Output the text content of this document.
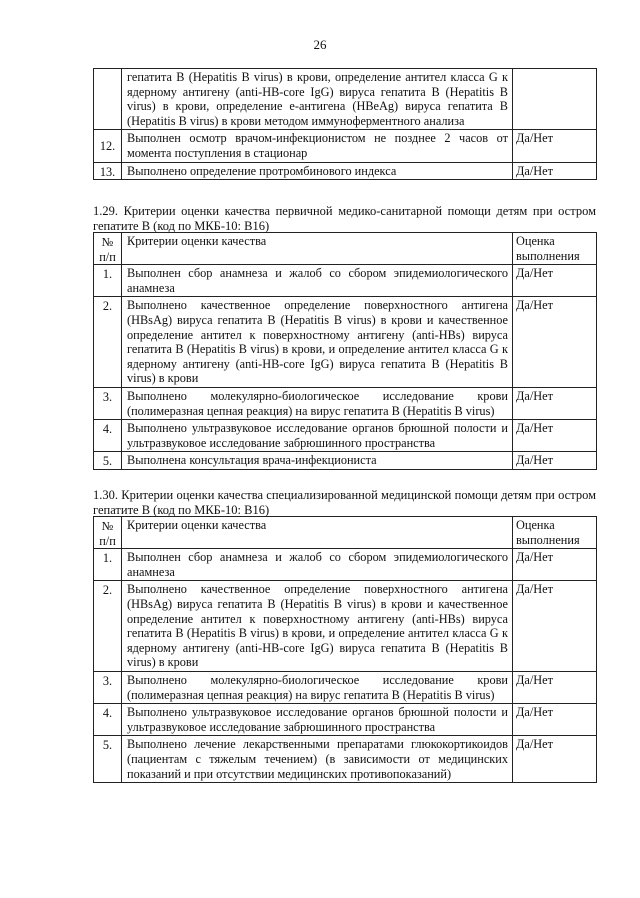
26
	гепатита В (Hepatitis B virus) в крови, определение антител класса G к ядерному антигену (anti-HB-core IgG) вируса гепатита B (Hepatitis B virus) в крови, определение e-антигена (HBeAg) вируса гепатита B (Hepatitis B virus) в крови методом иммуноферментного анализа	
12.	Выполнен осмотр врачом-инфекционистом не позднее 2 часов от момента поступления в стационар	Да/Нет
13.	Выполнено определение протромбинового индекса	Да/Нет
1.29. Критерии оценки качества первичной медико-санитарной помощи детям при остром гепатите В (код по МКБ-10: В16)
№ п/п	Критерии оценки качества	Оценка выполнения
1.	Выполнен сбор анамнеза и жалоб со сбором эпидемиологического анамнеза	Да/Нет
2.	Выполнено качественное определение поверхностного антигена (HBsAg) вируса гепатита B (Hepatitis B virus) в крови и качественное определение антител к поверхностному антигену (anti-HBs) вируса гепатита B (Hepatitis B virus) в крови, и определение антител класса G к ядерному антигену (anti-HB-core IgG) вируса гепатита B (Hepatitis B virus) в крови	Да/Нет
3.	Выполнено молекулярно-биологическое исследование крови (полимеразная цепная реакция) на вирус гепатита B (Hepatitis B virus)	Да/Нет
4.	Выполнено ультразвуковое исследование органов брюшной полости и ультразвуковое исследование забрюшинного пространства	Да/Нет
5.	Выполнена консультация врача-инфекциониста	Да/Нет
1.30. Критерии оценки качества специализированной медицинской помощи детям при остром гепатите В (код по МКБ-10: В16)
№ п/п	Критерии оценки качества	Оценка выполнения
1.	Выполнен сбор анамнеза и жалоб со сбором эпидемиологического анамнеза	Да/Нет
2.	Выполнено качественное определение поверхностного антигена (HBsAg) вируса гепатита B (Hepatitis B virus) в крови и качественное определение антител к поверхностному антигену (anti-HBs) вируса гепатита B (Hepatitis B virus) в крови, и определение антител класса G к ядерному антигену (anti-HB-core IgG) вируса гепатита B (Hepatitis B virus) в крови	Да/Нет
3.	Выполнено молекулярно-биологическое исследование крови (полимеразная цепная реакция) на вирус гепатита B (Hepatitis B virus)	Да/Нет
4.	Выполнено ультразвуковое исследование органов брюшной полости и ультразвуковое исследование забрюшинного пространства	Да/Нет
5.	Выполнено лечение лекарственными препаратами глюкокортикоидов (пациентам с тяжелым течением) (в зависимости от медицинских показаний и при отсутствии медицинских противопоказаний)	Да/Нет
